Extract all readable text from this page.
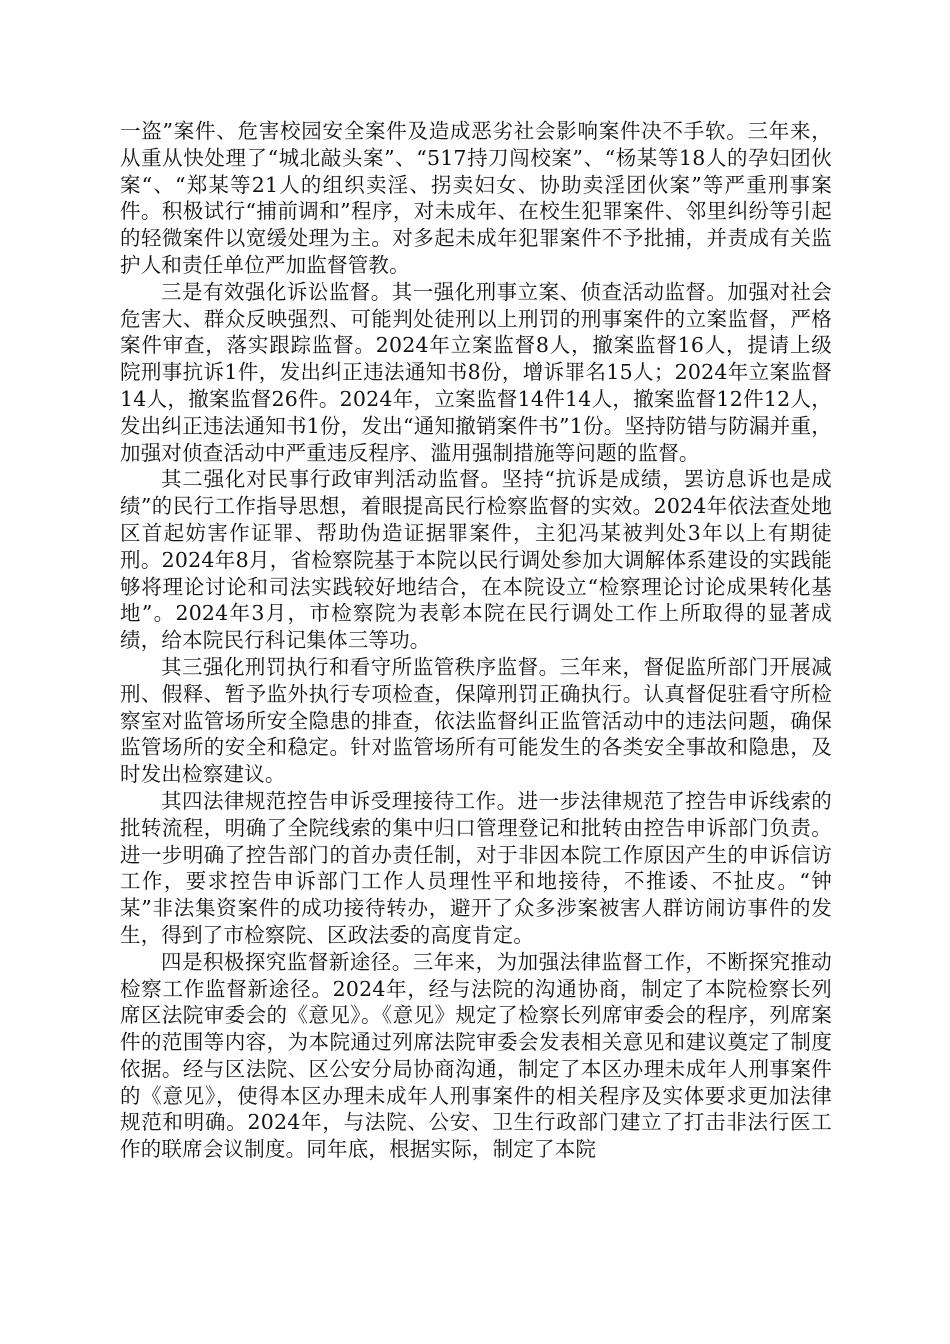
一盗”案件、危害校园安全案件及造成恶劣社会影响案件决不手软。三年来，从重从快处理了“城北敲头案”、“517持刀闯校案”、“杨某等18人的孕妇团伙案“、“郑某等21人的组织卖淫、拐卖妇女、协助卖淫团伙案”等严重刑事案件。积极试行“捕前调和”程序，对未成年、在校生犯罪案件、邻里纠纷等引起的轻微案件以宽缓处理为主。对多起未成年犯罪案件不予批捕，并责成有关监护人和责任单位严加监督管教。

三是有效强化诉讼监督。其一强化刑事立案、侦查活动监督。加强对社会危害大、群众反映强烈、可能判处徒刑以上刑罚的刑事案件的立案监督，严格案件审查，落实跟踪监督。2024年立案监督8人，撤案监督16人，提请上级院刑事抗诉1件，发出纠正违法通知书8份，增诉罪名15人；2024年立案监督14人，撤案监督26件。2024年，立案监督14件14人，撤案监督12件12人，发出纠正违法通知书1份，发出“通知撤销案件书”1份。坚持防错与防漏并重，加强对侦查活动中严重违反程序、滥用强制措施等问题的监督。

其二强化对民事行政审判活动监督。坚持“抗诉是成绩，罢访息诉也是成绩”的民行工作指导思想，着眼提高民行检察监督的实效。2024年依法查处地区首起妨害作证罪、帮助伪造证据罪案件，主犯冯某被判处3年以上有期徒刑。2024年8月，省检察院基于本院以民行调处参加大调解体系建设的实践能够将理论讨论和司法实践较好地结合，在本院设立“检察理论讨论成果转化基地”。2024年3月，市检察院为表彰本院在民行调处工作上所取得的显著成绩，给本院民行科记集体三等功。

其三强化刑罚执行和看守所监管秩序监督。三年来，督促监所部门开展减刑、假释、暂予监外执行专项检查，保障刑罚正确执行。认真督促驻看守所检察室对监管场所安全隐患的排查，依法监督纠正监管活动中的违法问题，确保监管场所的安全和稳定。针对监管场所有可能发生的各类安全事故和隐患，及时发出检察建议。

其四法律规范控告申诉受理接待工作。进一步法律规范了控告申诉线索的批转流程，明确了全院线索的集中归口管理登记和批转由控告申诉部门负责。进一步明确了控告部门的首办责任制，对于非因本院工作原因产生的申诉信访工作，要求控告申诉部门工作人员理性平和地接待，不推诿、不扯皮。“钟某”非法集资案件的成功接待转办，避开了众多涉案被害人群访闹访事件的发生，得到了市检察院、区政法委的高度肯定。

四是积极探究监督新途径。三年来，为加强法律监督工作，不断探究推动检察工作监督新途径。2024年，经与法院的沟通协商，制定了本院检察长列席区法院审委会的《意见》。《意见》规定了检察长列席审委会的程序，列席案件的范围等内容，为本院通过列席法院审委会发表相关意见和建议奠定了制度依据。经与区法院、区公安分局协商沟通，制定了本区办理未成年人刑事案件的《意见》，使得本区办理未成年人刑事案件的相关程序及实体要求更加法律规范和明确。2024年，与法院、公安、卫生行政部门建立了打击非法行医工作的联席会议制度。同年底，根据实际，制定了本院
